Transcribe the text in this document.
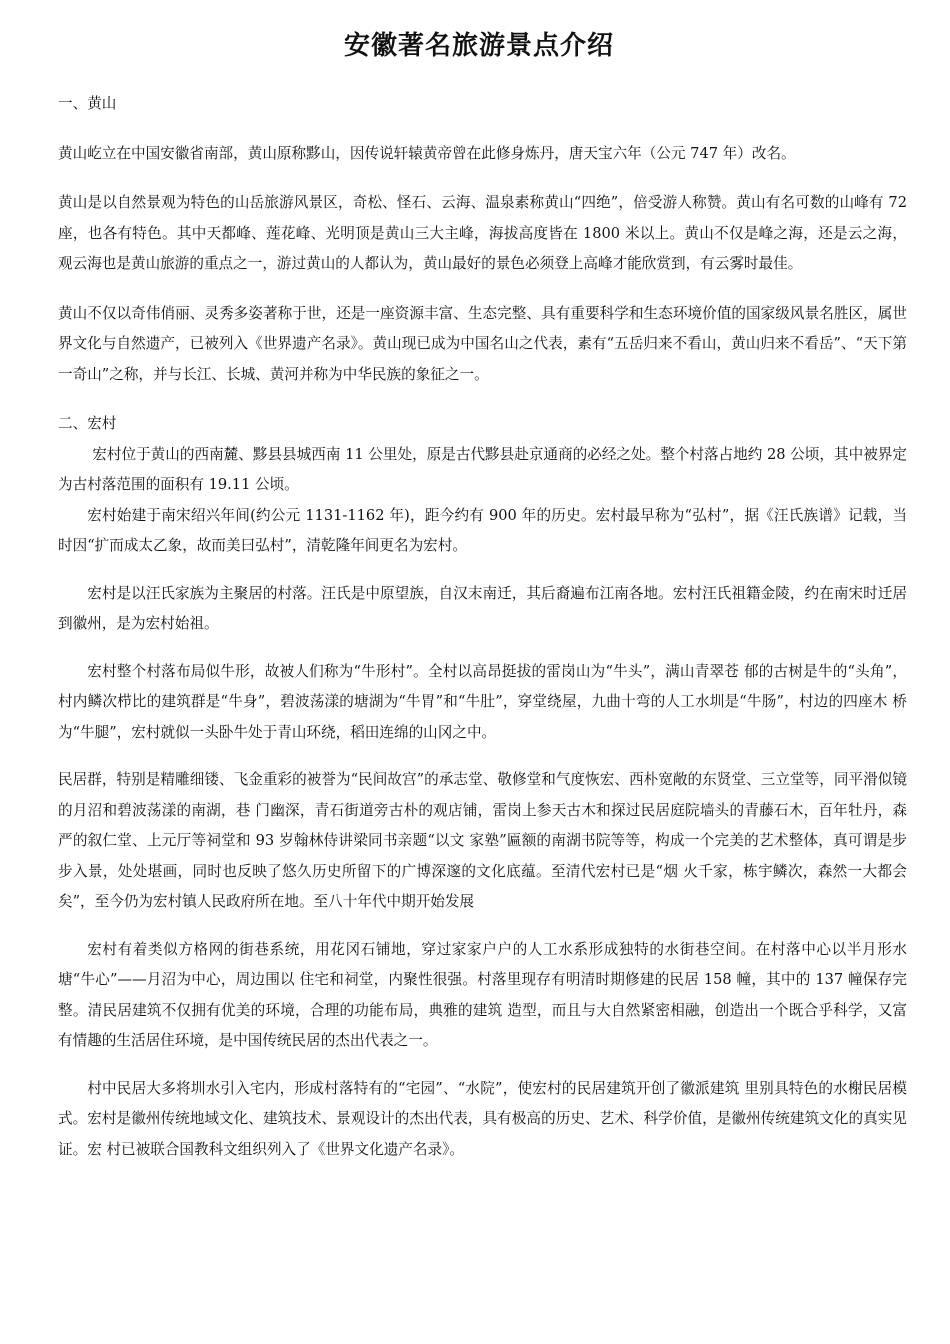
安徽著名旅游景点介绍

一、黄山

黄山屹立在中国安徽省南部，黄山原称黟山，因传说轩辕黄帝曾在此修身炼丹，唐天宝六年（公元 747 年）改名。

黄山是以自然景观为特色的山岳旅游风景区，奇松、怪石、云海、温泉素称黄山“四绝”，倍受游人称赞。黄山有名可数的山峰有 72 座，也各有特色。其中天都峰、莲花峰、光明顶是黄山三大主峰，海拔高度皆在 1800 米以上。黄山不仅是峰之海，还是云之海，观云海也是黄山旅游的重点之一，游过黄山的人都认为，黄山最好的景色必须登上高峰才能欣赏到，有云雾时最佳。

黄山不仅以奇伟俏丽、灵秀多姿著称于世，还是一座资源丰富、生态完整、具有重要科学和生态环境价值的国家级风景名胜区，属世界文化与自然遗产，已被列入《世界遗产名录》。黄山现已成为中国名山之代表，素有“五岳归来不看山，黄山归来不看岳”、“天下第一奇山”之称，并与长江、长城、黄河并称为中华民族的象征之一。

二、宏村

宏村位于黄山的西南麓、黟县县城西南 11 公里处，原是古代黟县赴京通商的必经之处。整个村落占地约 28 公顷，其中被界定为古村落范围的面积有 19.11 公顷。

宏村始建于南宋绍兴年间(约公元 1131-1162 年)，距今约有 900 年的历史。宏村最早称为“弘村”，据《汪氏族谱》记载，当时因“扩而成太乙象，故而美曰弘村”，清乾隆年间更名为宏村。

宏村是以汪氏家族为主聚居的村落。汪氏是中原望族，自汉末南迁，其后裔遍布江南各地。宏村汪氏祖籍金陵，约在南宋时迁居到徽州，是为宏村始祖。

宏村整个村落布局似牛形，故被人们称为“牛形村”。全村以高昂挺拔的雷岗山为“牛头”，满山青翠苍 郁的古树是牛的“头角”，村内鳞次栉比的建筑群是“牛身”，碧波荡漾的塘湖为“牛胃”和“牛肚”，穿堂绕屋，九曲十弯的人工水圳是“牛肠”，村边的四座木 桥为“牛腿”，宏村就似一头卧牛处于青山环绕，稻田连绵的山冈之中。

民居群，特别是精雕细镂、飞金重彩的被誉为“民间故宫”的承志堂、敬修堂和气度恢宏、西朴宽敞的东贤堂、三立堂等，同平滑似镜的月沼和碧波荡漾的南湖，巷 门幽深，青石街道旁古朴的观店铺，雷岗上参天古木和探过民居庭院墙头的青藤石木，百年牡丹，森严的叙仁堂、上元厅等祠堂和 93 岁翰林侍讲梁同书亲题“以文 家塾”匾额的南湖书院等等，构成一个完美的艺术整体，真可谓是步步入景，处处堪画，同时也反映了悠久历史所留下的广博深邃的文化底蕴。至清代宏村已是“烟 火千家，栋宇鳞次，森然一大都会矣”，至今仍为宏村镇人民政府所在地。至八十年代中期开始发展

宏村有着类似方格网的街巷系统，用花冈石铺地，穿过家家户户的人工水系形成独特的水街巷空间。在村落中心以半月形水塘“牛心”——月沼为中心，周边围以 住宅和祠堂，内聚性很强。村落里现存有明清时期修建的民居 158 幢，其中的 137 幢保存完整。清民居建筑不仅拥有优美的环境，合理的功能布局，典雅的建筑 造型，而且与大自然紧密相融，创造出一个既合乎科学，又富有情趣的生活居住环境，是中国传统民居的杰出代表之一。

村中民居大多将圳水引入宅内，形成村落特有的“宅园”、“水院”，使宏村的民居建筑开创了徽派建筑 里别具特色的水榭民居模式。宏村是徽州传统地域文化、建筑技术、景观设计的杰出代表，具有极高的历史、艺术、科学价值，是徽州传统建筑文化的真实见证。宏 村已被联合国教科文组织列入了《世界文化遗产名录》。
